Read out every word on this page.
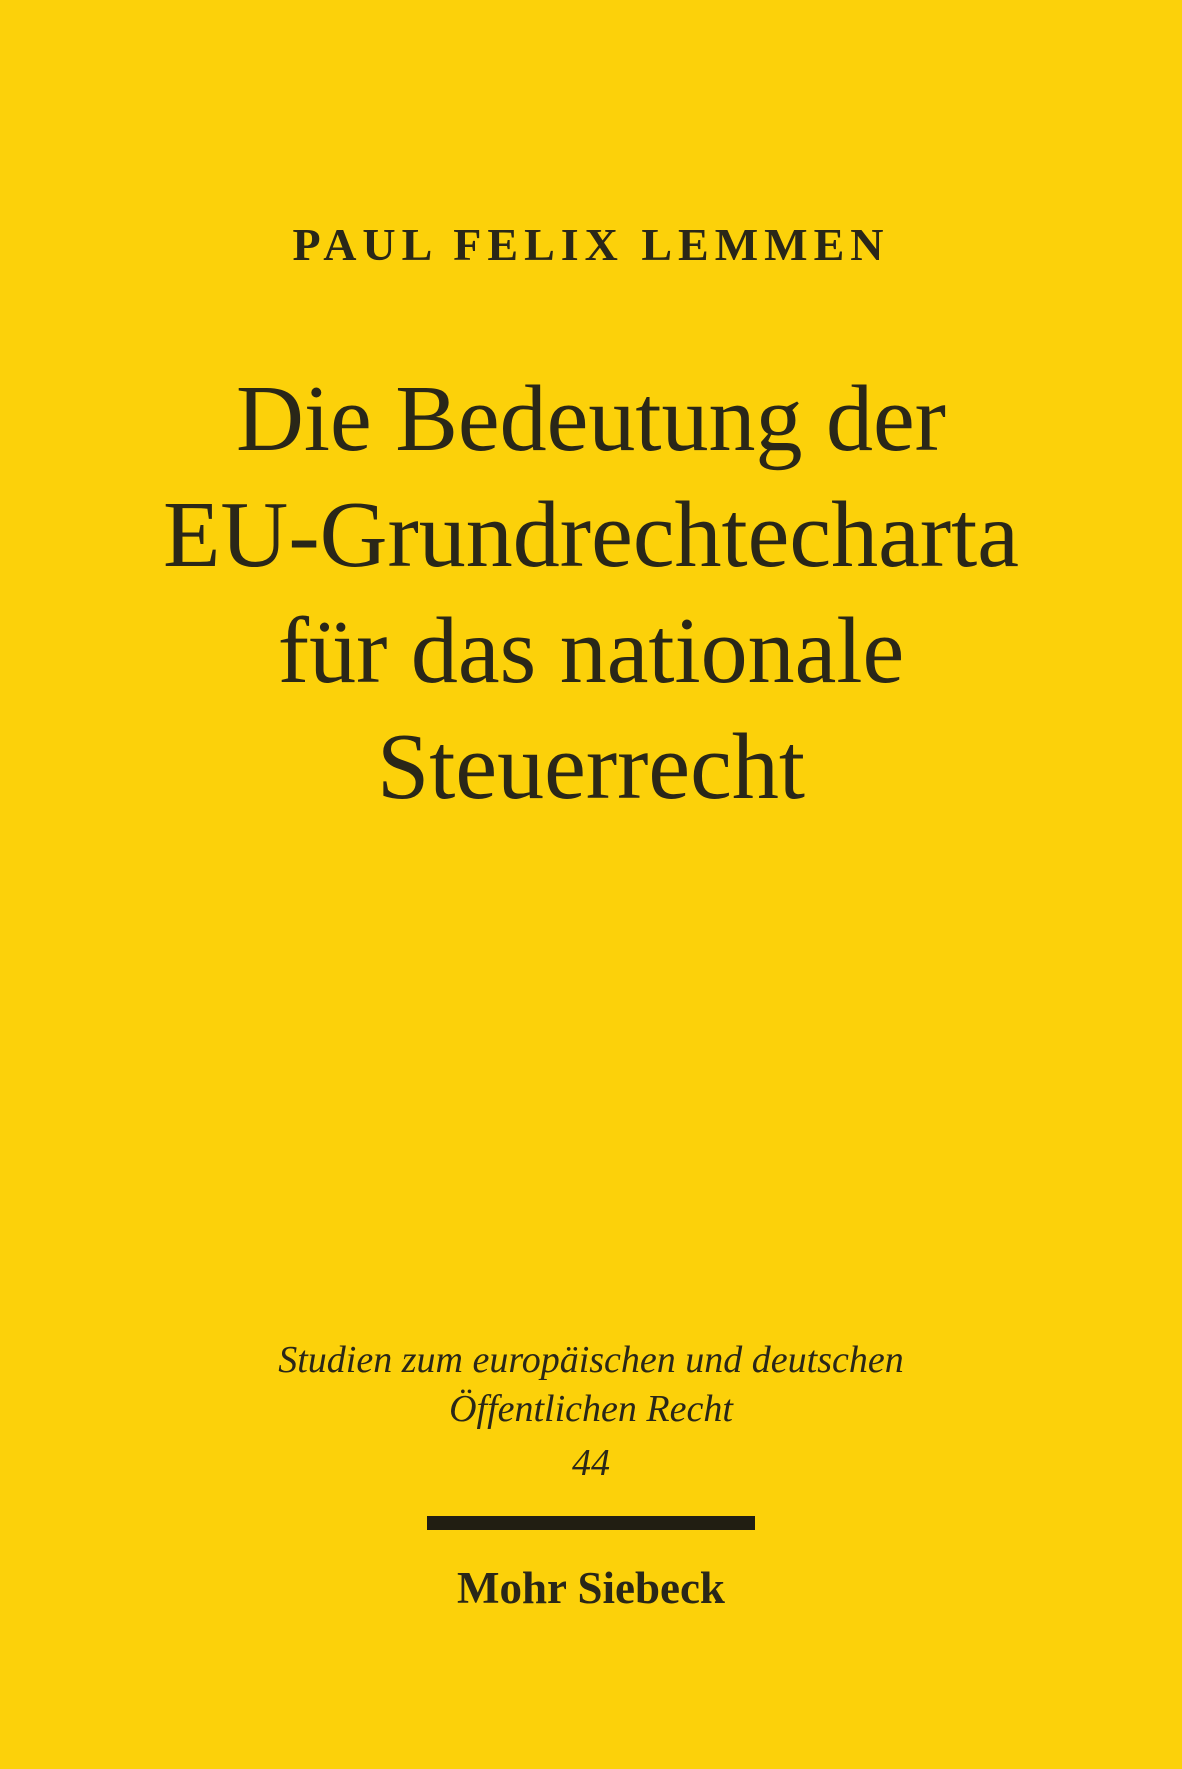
PAUL FELIX LEMMEN
Die Bedeutung der
EU-Grundrechtecharta
für das nationale
Steuerrecht
Studien zum europäischen und deutschen
Öffentlichen Recht
44
Mohr Siebeck
